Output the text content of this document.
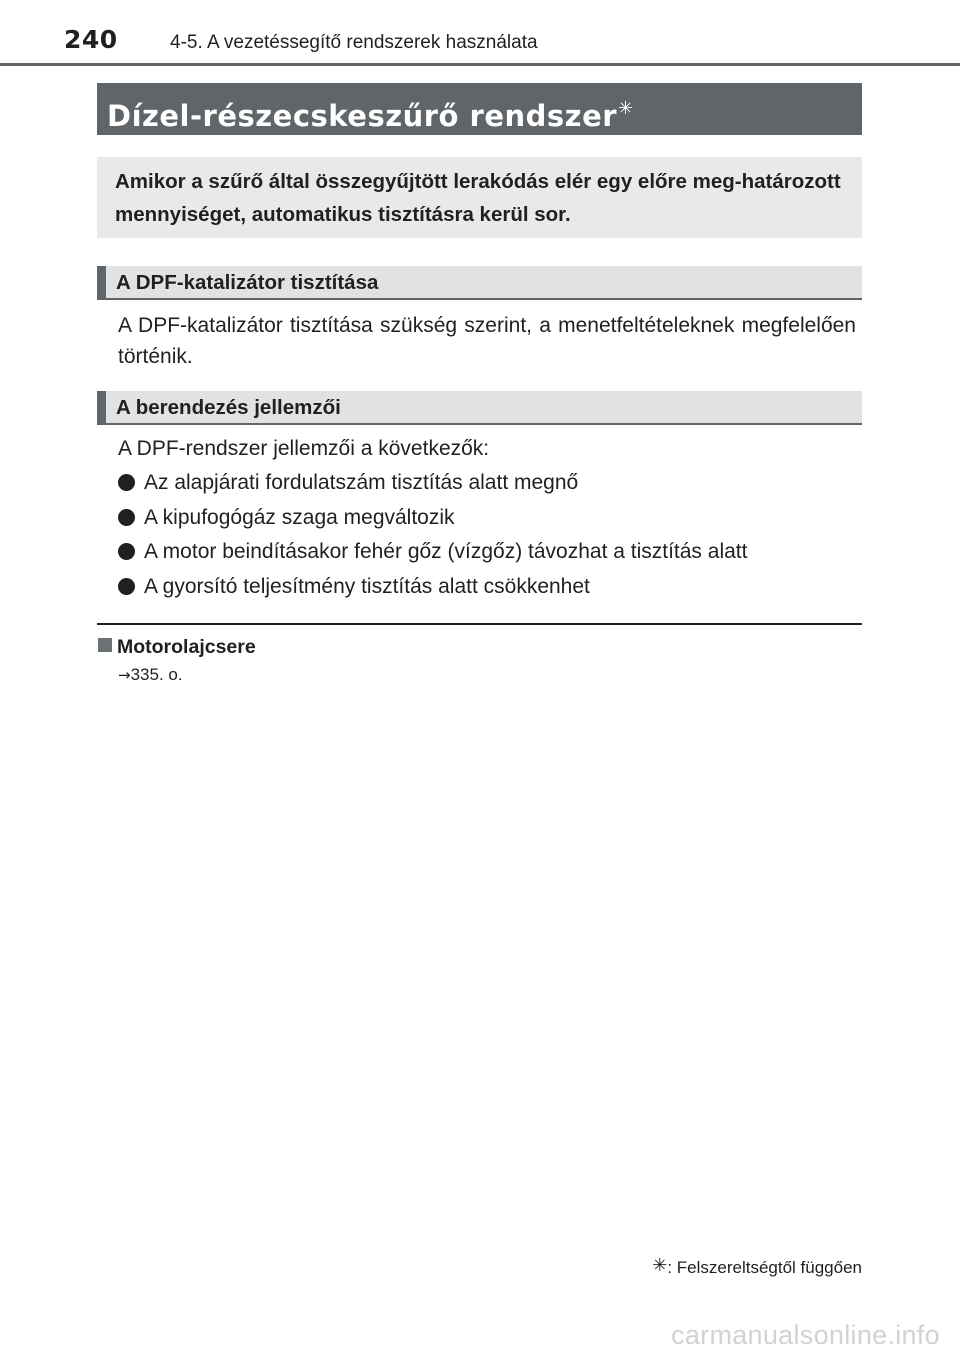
240	4-5. A vezetéssegítő rendszerek használata
Dízel-részecskeszűrő rendszer✳
Amikor a szűrő által összegyűjtött lerakódás elér egy előre meg-határozott mennyiséget, automatikus tisztításra kerül sor.
A DPF-katalizátor tisztítása
A DPF-katalizátor tisztítása szükség szerint, a menetfeltételeknek megfelelően történik.
A berendezés jellemzői
A DPF-rendszer jellemzői a következők:
Az alapjárati fordulatszám tisztítás alatt megnő
A kipufogógáz szaga megváltozik
A motor beindításakor fehér gőz (vízgőz) távozhat a tisztítás alatt
A gyorsító teljesítmény tisztítás alatt csökkenhet
Motorolajcsere
→335. o.
✳: Felszereltségtől függően
carmanualsonline.info
